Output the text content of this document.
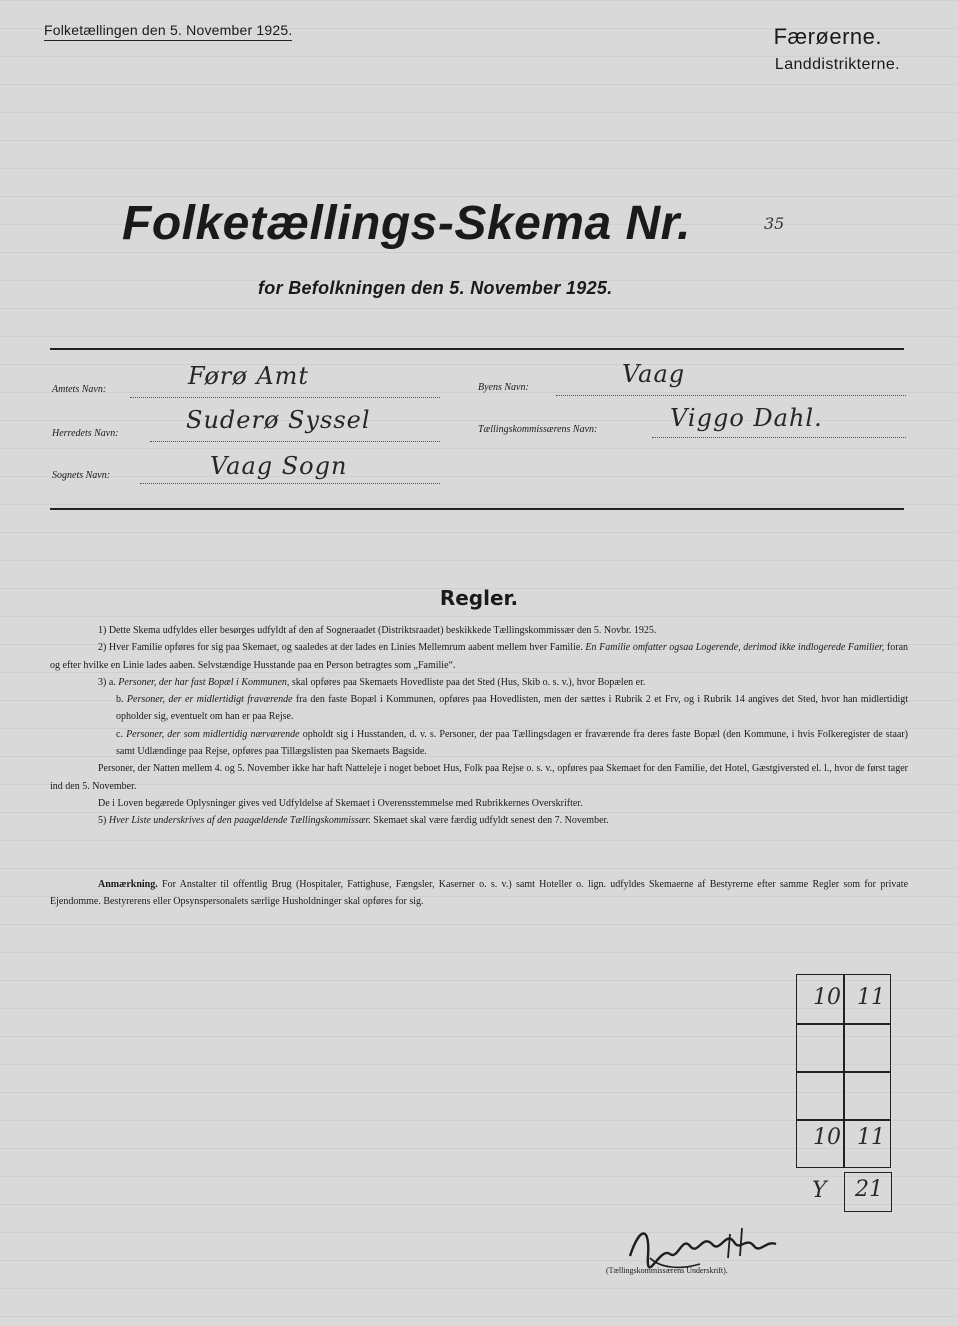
Folketællingen den 5. November 1925.	Færøerne.
Landdistrikterne.
Folketællings-Skema Nr.	35
for Befolkningen den 5. November 1925.
Amtets Navn:	Førø Amt
Herredets Navn:	Suderø Syssel
Sognets Navn:	Vaag Sogn
Byens Navn:	Vaag
Tællingskommissærens Navn:	Viggo Dahl.
Regler.

1) Dette Skema udfyldes eller besørges udfyldt af den af Sogneraadet (Distriktsraadet) beskikkede Tællingskommissær den 5. Novbr. 1925.

2) Hver Familie opføres for sig paa Skemaet, og saaledes at der lades en Linies Mellemrum aabent mellem hver Familie. En Familie omfatter ogsaa Logerende, derimod ikke indlogerede Familier, foran og efter hvilke en Linie lades aaben. Selvstændige Husstande paa en Person betragtes som „Familie“.

3) a. Personer, der har fast Bopæl i Kommunen, skal opføres paa Skemaets Hovedliste paa det Sted (Hus, Skib o. s. v.), hvor Bopælen er.

b. Personer, der er midlertidigt fraværende fra den faste Bopæl i Kommunen, opføres paa Hovedlisten, men der sættes i Rubrik 2 et Frv, og i Rubrik 14 angives det Sted, hvor han midlertidigt opholder sig, eventuelt om han er paa Rejse.

c. Personer, der som midlertidig nærværende opholdt sig i Husstanden, d. v. s. Personer, der paa Tællingsdagen er fraværende fra deres faste Bopæl (den Kommune, i hvis Folkeregister de staar) samt Udlændinge paa Rejse, opføres paa Tillægslisten paa Skemaets Bagside.

Personer, der Natten mellem 4. og 5. November ikke har haft Natteleje i noget beboet Hus, Folk paa Rejse o. s. v., opføres paa Skemaet for den Familie, det Hotel, Gæstgiversted el. l., hvor de først tager ind den 5. November.

De i Loven begærede Oplysninger gives ved Udfyldelse af Skemaet i Overensstemmelse med Rubrikkernes Overskrifter.

5) Hver Liste underskrives af den paagældende Tællingskommissær. Skemaet skal være færdig udfyldt senest den 7. November.

Anmærkning. For Anstalter til offentlig Brug (Hospitaler, Fattighuse, Fængsler, Kaserner o. s. v.) samt Hoteller o. lign. udfyldes Skemaerne af Bestyrerne efter samme Regler som for private Ejendomme. Bestyrerens eller Opsynspersonalets særlige Husholdninger skal opføres for sig.

10 11
10 11
Y 21
(Tællingskommissærens Underskrift).
